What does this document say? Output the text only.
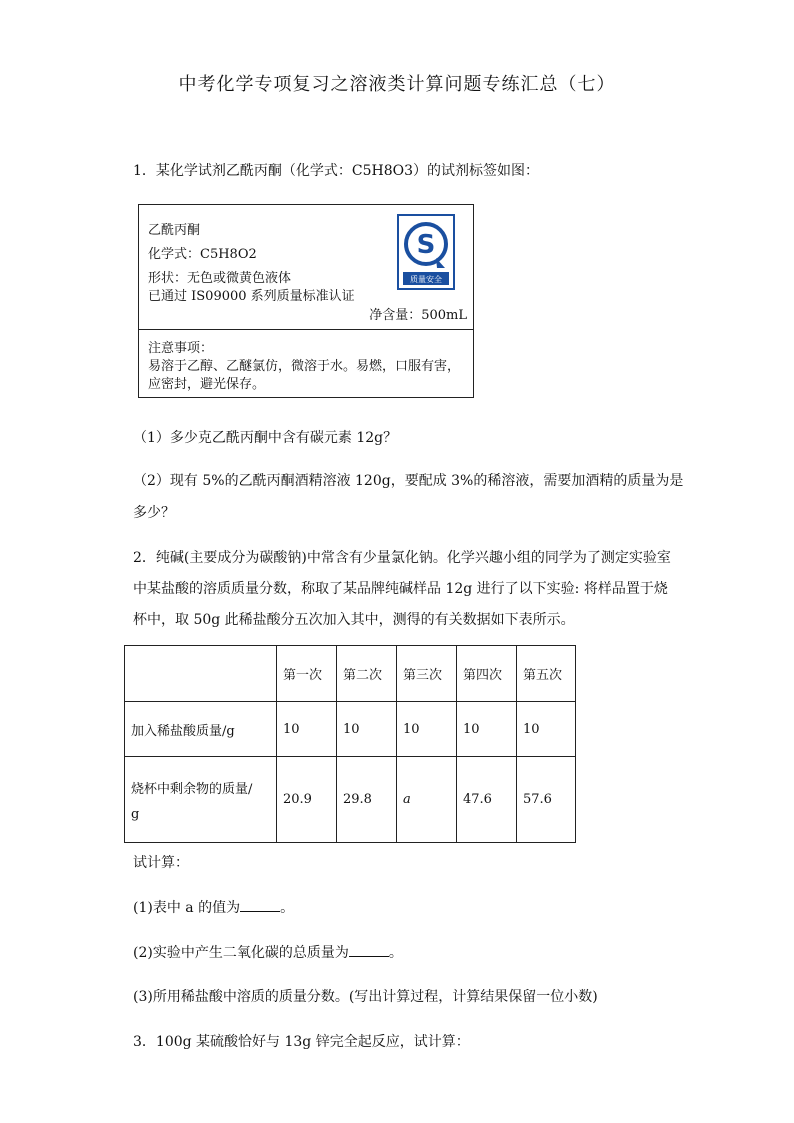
中考化学专项复习之溶液类计算问题专练汇总（七）
1．某化学试剂乙酰丙酮（化学式：C5H8O3）的试剂标签如图：
乙酰丙酮
化学式：C5H8O2
形状：无色或微黄色液体
已通过 IS09000 系列质量标准认证
净含量：500mL
S
质量安全
注意事项：
易溶于乙醇、乙醚氯仿，微溶于水。易燃，口服有害，
应密封，避光保存。
（1）多少克乙酰丙酮中含有碳元素 12g？
（2）现有 5%的乙酰丙酮酒精溶液 120g，要配成 3%的稀溶液，需要加酒精的质量为是
多少？
2．纯碱(主要成分为碳酸钠)中常含有少量氯化钠。化学兴趣小组的同学为了测定实验室
中某盐酸的溶质质量分数，称取了某品牌纯碱样品 12g 进行了以下实验: 将样品置于烧
杯中，取 50g 此稀盐酸分五次加入其中，测得的有关数据如下表所示。
	第一次	第二次	第三次	第四次	第五次
加入稀盐酸质量/g	10	10	10	10	10

烧杯中剩余物的质量/
g	20.9	29.8	a	47.6	57.6
试计算：
(1)表中 a 的值为	。
(2)实验中产生二氧化碳的总质量为	。
(3)所用稀盐酸中溶质的质量分数。(写出计算过程，计算结果保留一位小数)
3．100g 某硫酸恰好与 13g 锌完全起反应，试计算：
